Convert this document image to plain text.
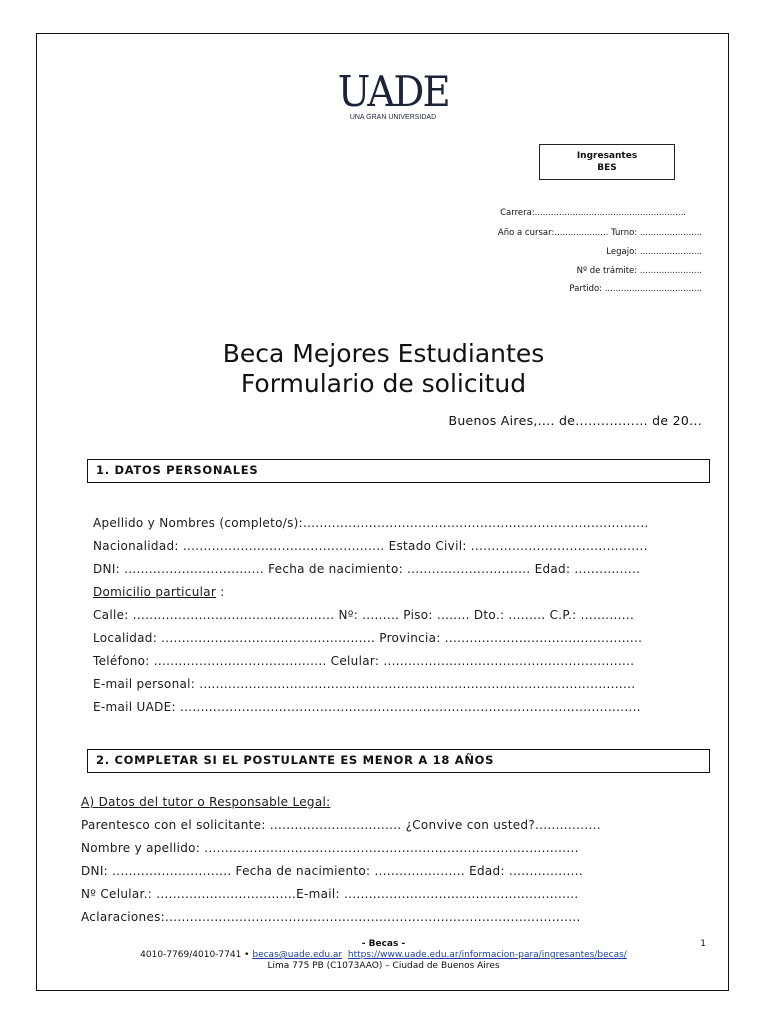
UADE
UNA GRAN UNIVERSIDAD
Ingresantes
BES
Carrera:........................................................
Año a cursar:.................... Turno: .......................
Legajo: .......................
Nº de trámite: .......................
Partido: ....................................
Beca Mejores Estudiantes
Formulario de solicitud
Buenos Aires,.... de................. de 20...
1. DATOS PERSONALES
Apellido y Nombres (completo/s):....................................................................................
Nacionalidad: ................................................. Estado Civil: ...........................................
DNI: .................................. Fecha de nacimiento: .............................. Edad: ................
Domicilio particular :
Calle: ................................................. Nº: ......... Piso: ........ Dto.: ......... C.P.: .............
Localidad: .................................................... Provincia: ................................................
Teléfono: .......................................... Celular: .............................................................
E-mail personal: ..........................................................................................................
E-mail UADE: ................................................................................................................
2. COMPLETAR SI EL POSTULANTE ES MENOR A 18 AÑOS
A) Datos del tutor o Responsable Legal:
Parentesco con el solicitante: ................................ ¿Convive con usted?................
Nombre y apellido: ...........................................................................................
DNI: ............................. Fecha de nacimiento: ...................... Edad: ..................
Nº Celular.: ..................................E-mail: .........................................................
Aclaraciones:.....................................................................................................
- Becas -
4010-7769/4010-7741 • becas@uade.edu.ar https://www.uade.edu.ar/informacion-para/ingresantes/becas/
Lima 775 PB (C1073AAO) – Ciudad de Buenos Aires
1
